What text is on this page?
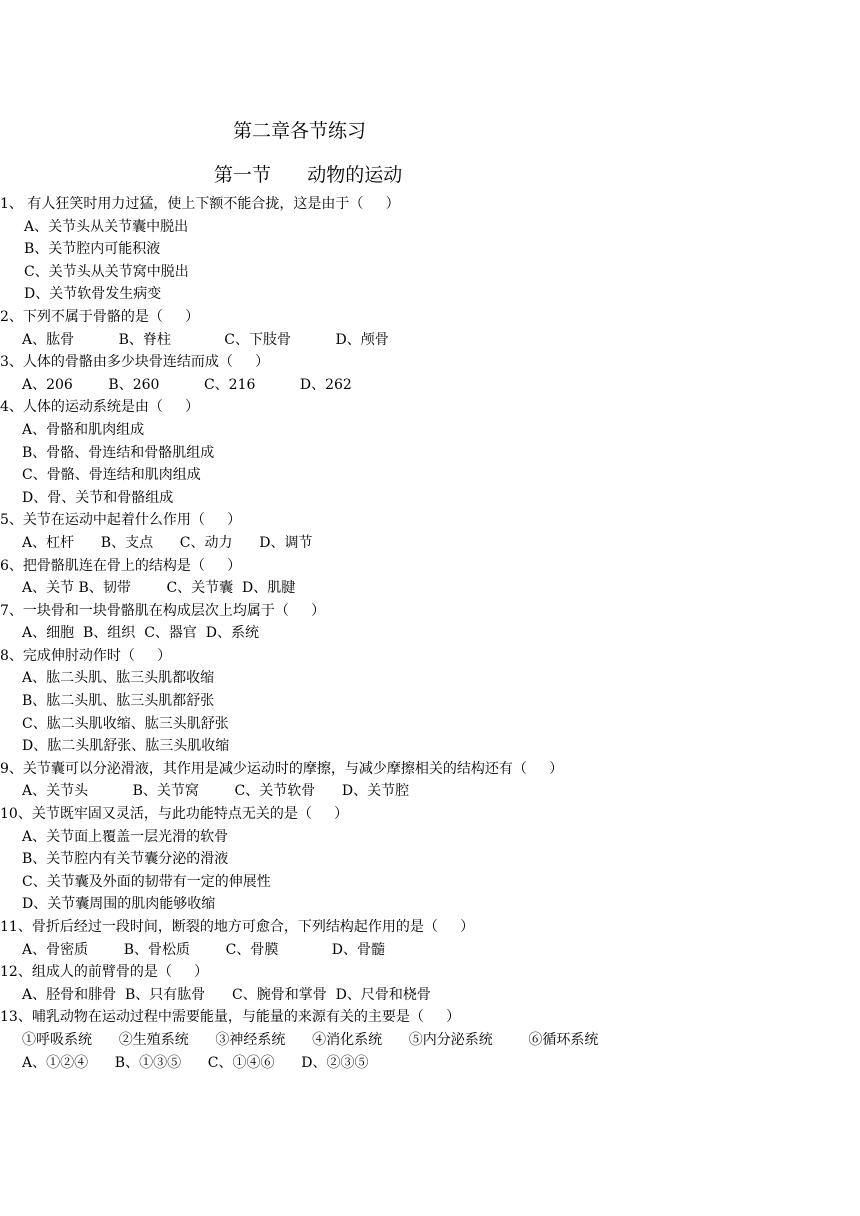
第二章各节练习
第一节      动物的运动
1、 有人狂笑时用力过猛，使上下额不能合拢，这是由于（     ）
A、关节头从关节囊中脱出
B、关节腔内可能积液
C、关节头从关节窝中脱出
D、关节软骨发生病变
2、下列不属于骨骼的是（     ）
A、肱骨          B、脊柱            C、下肢骨          D、颅骨
3、人体的骨骼由多少块骨连结而成（     ）
A、206        B、260          C、216          D、262
4、人体的运动系统是由（     ）
A、骨骼和肌肉组成
B、骨骼、骨连结和骨骼肌组成
C、骨骼、骨连结和肌肉组成
D、骨、关节和骨骼组成
5、关节在运动中起着什么作用（     ）
A、杠杆      B、支点      C、动力      D、调节
6、把骨骼肌连在骨上的结构是（     ）
A、关节 B、韧带        C、关节囊  D、肌腱
7、一块骨和一块骨骼肌在构成层次上均属于（     ）
A、细胞  B、组织  C、器官  D、系统
8、完成伸肘动作时（     ）
A、肱二头肌、肱三头肌都收缩
B、肱二头肌、肱三头肌都舒张
C、肱二头肌收缩、肱三头肌舒张
D、肱二头肌舒张、肱三头肌收缩
9、关节囊可以分泌滑液，其作用是减少运动时的摩擦，与减少摩擦相关的结构还有（     ）
A、关节头          B、关节窝        C、关节软骨      D、关节腔
10、关节既牢固又灵活，与此功能特点无关的是（     ）
A、关节面上覆盖一层光滑的软骨
B、关节腔内有关节囊分泌的滑液
C、关节囊及外面的韧带有一定的伸展性
D、关节囊周围的肌肉能够收缩
11、骨折后经过一段时间，断裂的地方可愈合，下列结构起作用的是（     ）
A、骨密质        B、骨松质        C、骨膜            D、骨髓
12、组成人的前臂骨的是（     ）
A、胫骨和腓骨  B、只有肱骨      C、腕骨和掌骨  D、尺骨和桡骨
13、哺乳动物在运动过程中需要能量，与能量的来源有关的主要是（     ）
①呼吸系统      ②生殖系统      ③神经系统      ④消化系统      ⑤内分泌系统        ⑥循环系统
A、①②④      B、①③⑤      C、①④⑥      D、②③⑤
